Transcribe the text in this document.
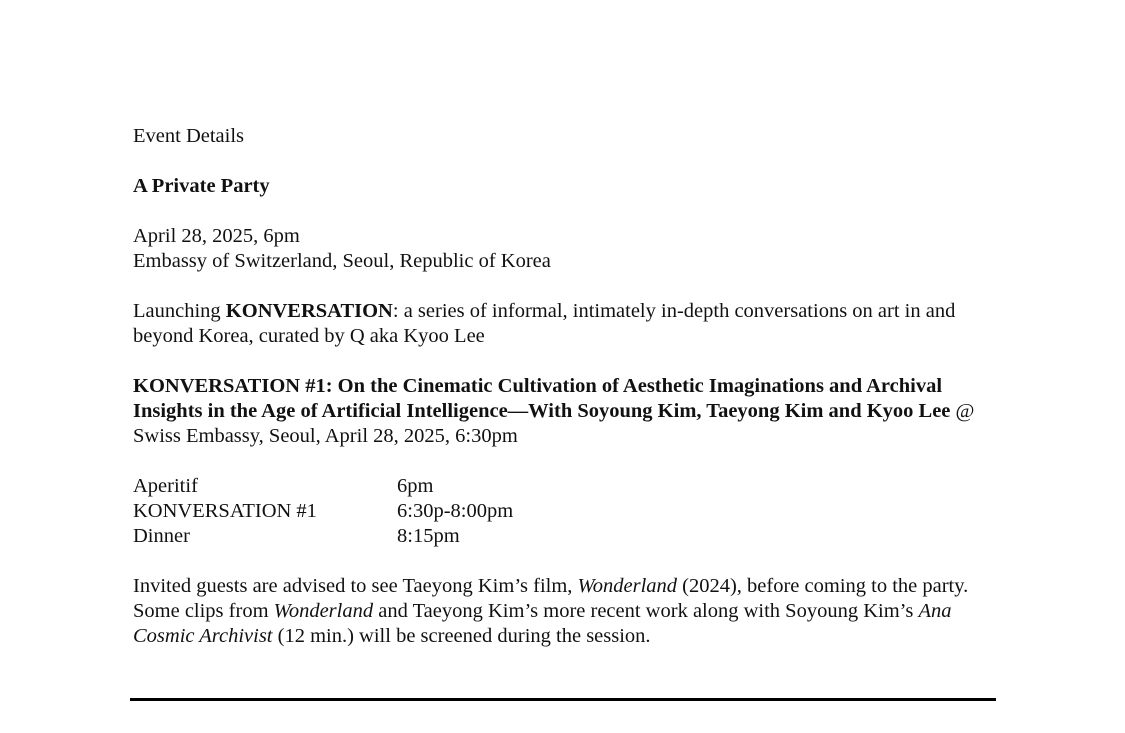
Event Details

A Private Party

April 28, 2025, 6pm

Embassy of Switzerland, Seoul, Republic of Korea

Launching KONVERSATION: a series of informal, intimately in-depth conversations on art in and beyond Korea, curated by Q aka Kyoo Lee

KONVERSATION #1: On the Cinematic Cultivation of Aesthetic Imaginations and Archival Insights in the Age of Artificial Intelligence—With Soyoung Kim, Taeyong Kim and Kyoo Lee @ Swiss Embassy, Seoul, April 28, 2025, 6:30pm

Aperitif	6pm
KONVERSATION #1	6:30p-8:00pm
Dinner	8:15pm

Invited guests are advised to see Taeyong Kim’s film, Wonderland (2024), before coming to the party. Some clips from Wonderland and Taeyong Kim’s more recent work along with Soyoung Kim’s Ana Cosmic Archivist (12 min.) will be screened during the session.
